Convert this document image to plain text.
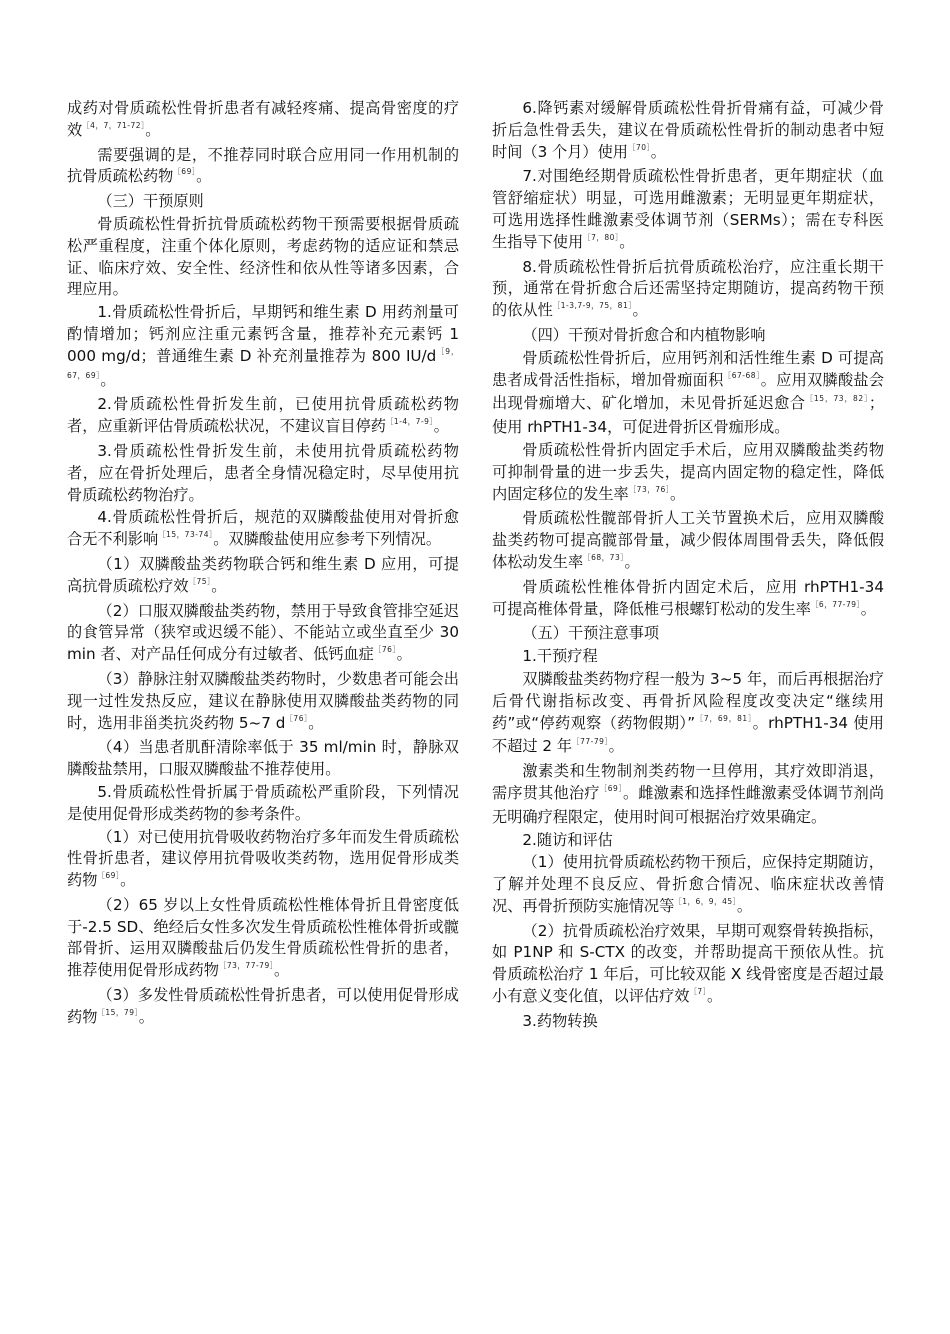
成药对骨质疏松性骨折患者有减轻疼痛、提高骨密度的疗效$^{[4,7,71-72]}$。

需要强调的是，不推荐同时联合应用同一作用机制的抗骨质疏松药物$^{[69]}$。

（三）干预原则

骨质疏松性骨折抗骨质疏松药物干预需要根据骨质疏松严重程度，注重个体化原则，考虑药物的适应证和禁忌证、临床疗效、安全性、经济性和依从性等诸多因素，合理应用。

1.骨质疏松性骨折后，早期钙和维生素 D 用药剂量可酌情增加；钙剂应注重元素钙含量，推荐补充元素钙 1 000 mg/d；普通维生素 D 补充剂量推荐为 800 IU/d$^{[9,67,69]}$。

2.骨质疏松性骨折发生前，已使用抗骨质疏松药物者，应重新评估骨质疏松状况，不建议盲目停药$^{[1-4,7-9]}$。

3.骨质疏松性骨折发生前，未使用抗骨质疏松药物者，应在骨折处理后，患者全身情况稳定时，尽早使用抗骨质疏松药物治疗。

4.骨质疏松性骨折后，规范的双膦酸盐使用对骨折愈合无不利影响$^{[15,73-74]}$。双膦酸盐使用应参考下列情况。

（1）双膦酸盐类药物联合钙和维生素 D 应用，可提高抗骨质疏松疗效$^{[75]}$。

（2）口服双膦酸盐类药物，禁用于导致食管排空延迟的食管异常（狭窄或迟缓不能）、不能站立或坐直至少 30 min 者、对产品任何成分有过敏者、低钙血症$^{[76]}$。

（3）静脉注射双膦酸盐类药物时，少数患者可能会出现一过性发热反应，建议在静脉使用双膦酸盐类药物的同时，选用非甾类抗炎药物 5~7 d$^{[76]}$。

（4）当患者肌酐清除率低于 35 ml/min 时，静脉双膦酸盐禁用，口服双膦酸盐不推荐使用。

5.骨质疏松性骨折属于骨质疏松严重阶段，下列情况是使用促骨形成类药物的参考条件。

（1）对已使用抗骨吸收药物治疗多年而发生骨质疏松性骨折患者，建议停用抗骨吸收类药物，选用促骨形成类药物$^{[69]}$。

（2）65 岁以上女性骨质疏松性椎体骨折且骨密度低于-2.5 SD、绝经后女性多次发生骨质疏松性椎体骨折或髋部骨折、运用双膦酸盐后仍发生骨质疏松性骨折的患者，推荐使用促骨形成药物$^{[73,77-79]}$。

（3）多发性骨质疏松性骨折患者，可以使用促骨形成药物$^{[15,79]}$。

6.降钙素对缓解骨质疏松性骨折骨痛有益，可减少骨折后急性骨丢失，建议在骨质疏松性骨折的制动患者中短时间（3 个月）使用$^{[70]}$。

7.对围绝经期骨质疏松性骨折患者，更年期症状（血管舒缩症状）明显，可选用雌激素；无明显更年期症状，可选用选择性雌激素受体调节剂（SERMs）；需在专科医生指导下使用$^{[7,80]}$。

8.骨质疏松性骨折后抗骨质疏松治疗，应注重长期干预，通常在骨折愈合后还需坚持定期随访，提高药物干预的依从性$^{[1-3,7-9,75,81]}$。

（四）干预对骨折愈合和内植物影响

骨质疏松性骨折后，应用钙剂和活性维生素 D 可提高患者成骨活性指标，增加骨痂面积$^{[67-68]}$。应用双膦酸盐会出现骨痂增大、矿化增加，未见骨折延迟愈合$^{[15,73,82]}$；使用 rhPTH1-34，可促进骨折区骨痂形成。

骨质疏松性骨折内固定手术后，应用双膦酸盐类药物可抑制骨量的进一步丢失，提高内固定物的稳定性，降低内固定移位的发生率$^{[73,76]}$。

骨质疏松性髋部骨折人工关节置换术后，应用双膦酸盐类药物可提高髋部骨量，减少假体周围骨丢失，降低假体松动发生率$^{[68,73]}$。

骨质疏松性椎体骨折内固定术后，应用 rhPTH1-34 可提高椎体骨量，降低椎弓根螺钉松动的发生率$^{[6,77-79]}$。

（五）干预注意事项

1.干预疗程

双膦酸盐类药物疗程一般为 3~5 年，而后再根据治疗后骨代谢指标改变、再骨折风险程度改变决定“继续用药”或“停药观察（药物假期）”$^{[7,69,81]}$。rhPTH1-34 使用不超过 2 年$^{[77-79]}$。

激素类和生物制剂类药物一旦停用，其疗效即消退，需序贯其他治疗$^{[69]}$。雌激素和选择性雌激素受体调节剂尚无明确疗程限定，使用时间可根据治疗效果确定。

2.随访和评估

（1）使用抗骨质疏松药物干预后，应保持定期随访，了解并处理不良反应、骨折愈合情况、临床症状改善情况、再骨折预防实施情况等$^{[1,6,9,45]}$。

（2）抗骨质疏松治疗效果，早期可观察骨转换指标，如 P1NP 和 S-CTX 的改变，并帮助提高干预依从性。抗骨质疏松治疗 1 年后，可比较双能 X 线骨密度是否超过最小有意义变化值，以评估疗效$^{[7]}$。

3.药物转换
